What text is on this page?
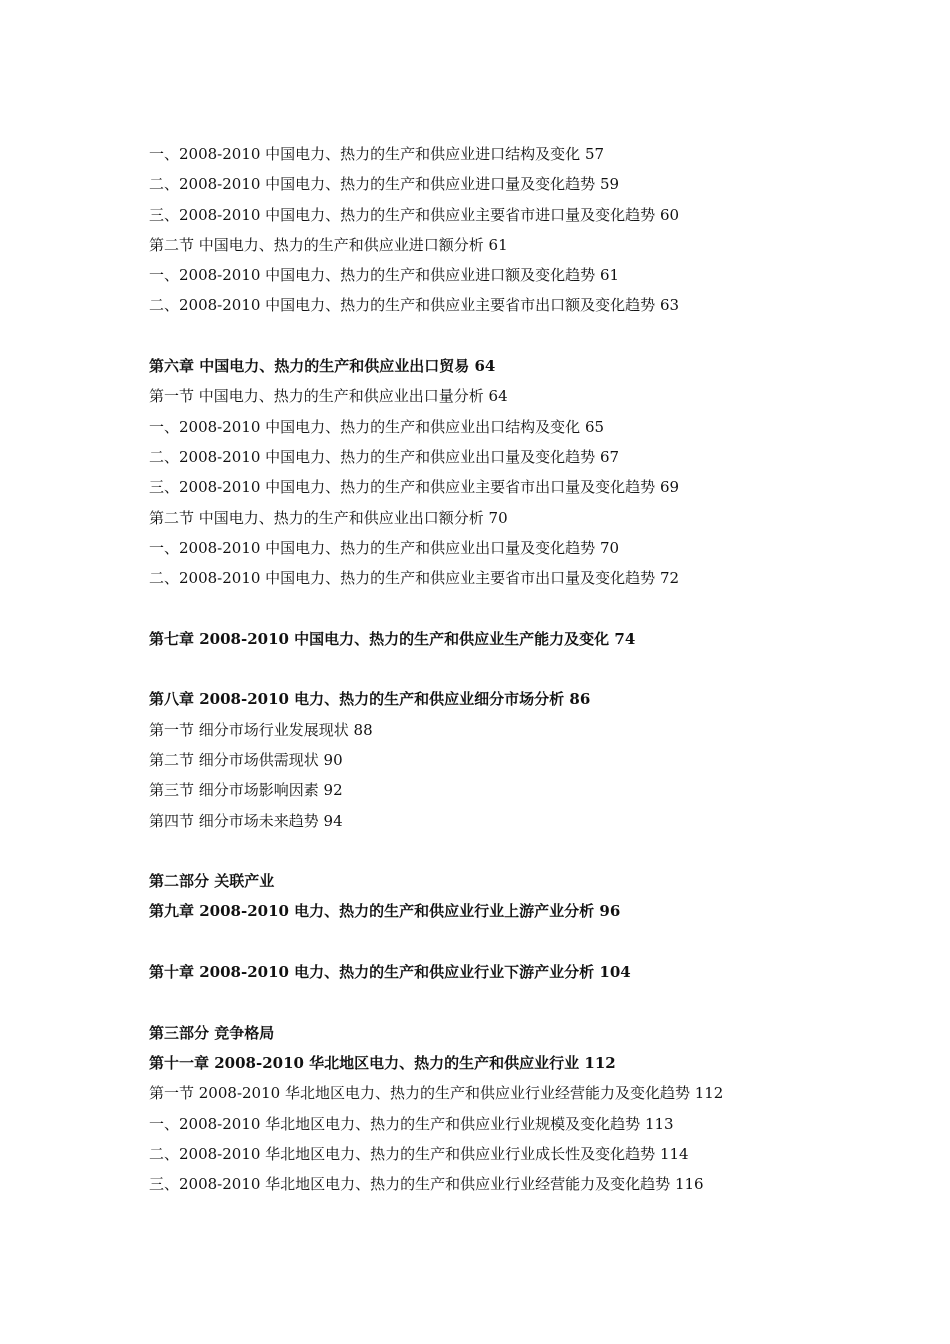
一、2008-2010 中国电力、热力的生产和供应业进口结构及变化 57
二、2008-2010 中国电力、热力的生产和供应业进口量及变化趋势 59
三、2008-2010 中国电力、热力的生产和供应业主要省市进口量及变化趋势 60
第二节 中国电力、热力的生产和供应业进口额分析 61
一、2008-2010 中国电力、热力的生产和供应业进口额及变化趋势 61
二、2008-2010 中国电力、热力的生产和供应业主要省市出口额及变化趋势 63
第六章 中国电力、热力的生产和供应业出口贸易 64
第一节 中国电力、热力的生产和供应业出口量分析 64
一、2008-2010 中国电力、热力的生产和供应业出口结构及变化 65
二、2008-2010 中国电力、热力的生产和供应业出口量及变化趋势 67
三、2008-2010 中国电力、热力的生产和供应业主要省市出口量及变化趋势 69
第二节 中国电力、热力的生产和供应业出口额分析 70
一、2008-2010 中国电力、热力的生产和供应业出口量及变化趋势 70
二、2008-2010 中国电力、热力的生产和供应业主要省市出口量及变化趋势 72
第七章 2008-2010 中国电力、热力的生产和供应业生产能力及变化 74
第八章 2008-2010 电力、热力的生产和供应业细分市场分析 86
第一节 细分市场行业发展现状 88
第二节 细分市场供需现状 90
第三节 细分市场影响因素 92
第四节 细分市场未来趋势 94
第二部分 关联产业
第九章 2008-2010 电力、热力的生产和供应业行业上游产业分析 96
第十章 2008-2010 电力、热力的生产和供应业行业下游产业分析 104
第三部分 竞争格局
第十一章 2008-2010 华北地区电力、热力的生产和供应业行业 112
第一节 2008-2010 华北地区电力、热力的生产和供应业行业经营能力及变化趋势 112
一、2008-2010 华北地区电力、热力的生产和供应业行业规模及变化趋势 113
二、2008-2010 华北地区电力、热力的生产和供应业行业成长性及变化趋势 114
三、2008-2010 华北地区电力、热力的生产和供应业行业经营能力及变化趋势 116
